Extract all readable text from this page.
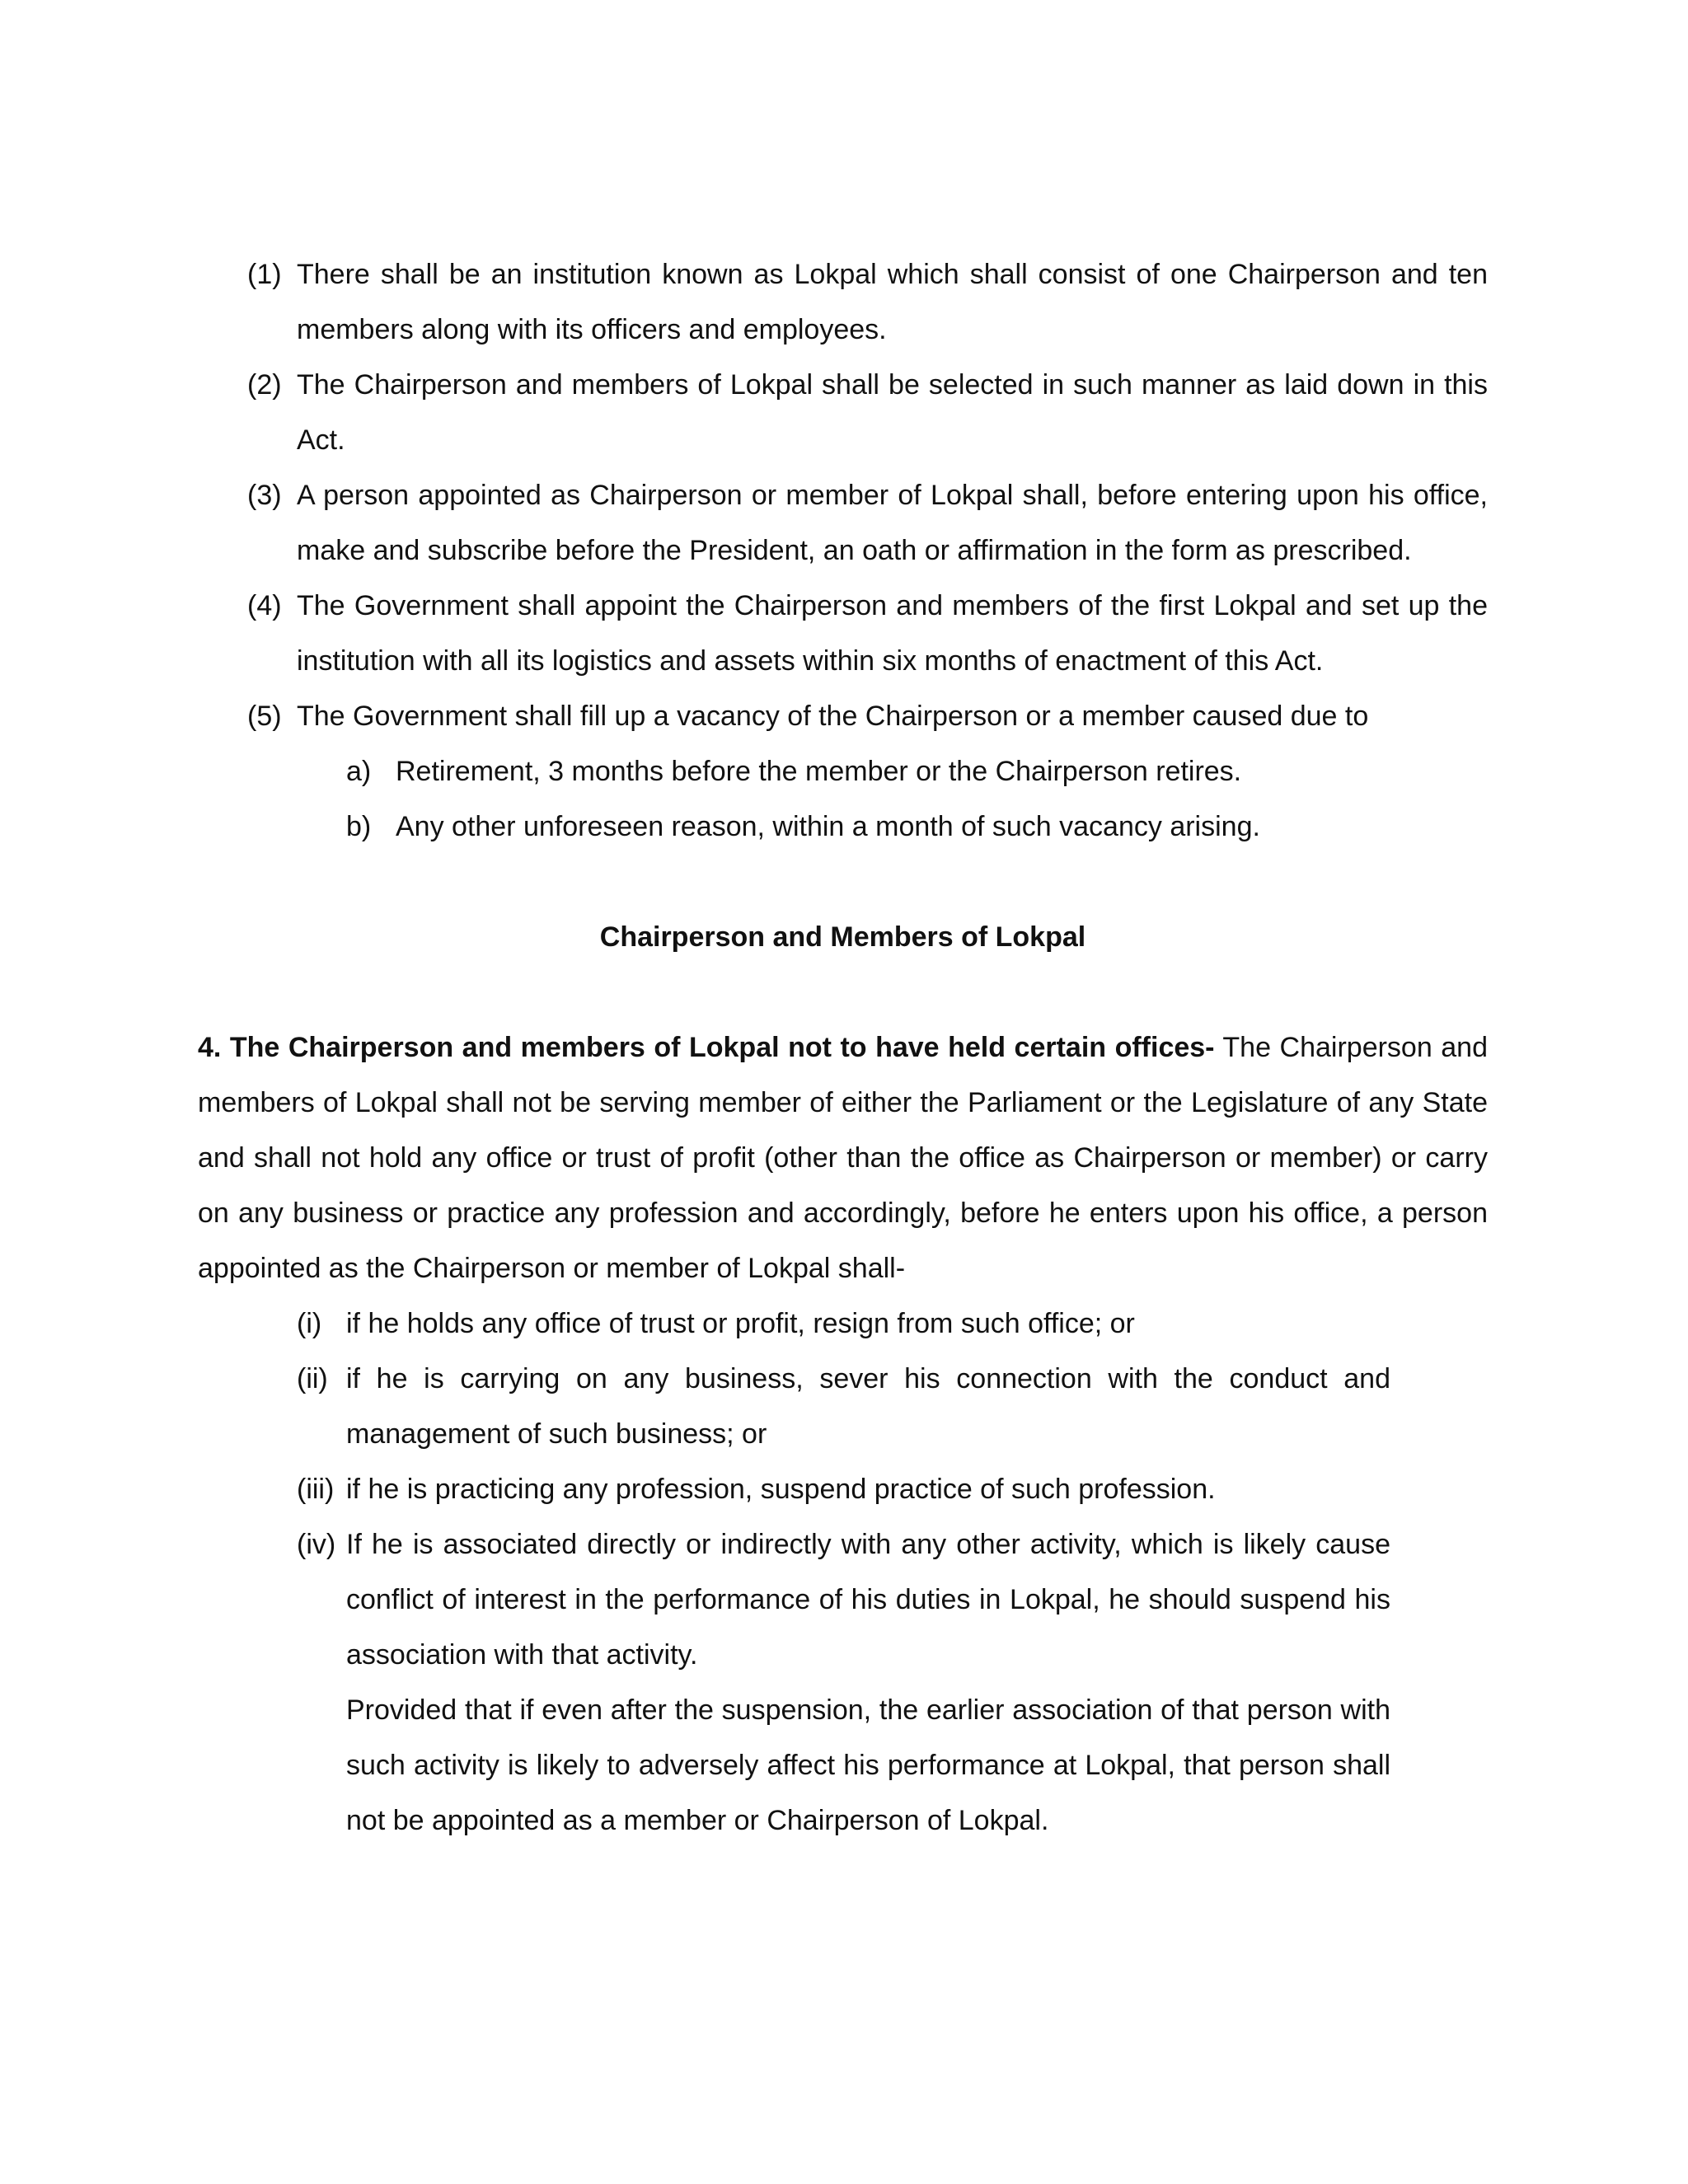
(1) There shall be an institution known as Lokpal which shall consist of one Chairperson and ten members along with its officers and employees.
(2) The Chairperson and members of Lokpal shall be selected in such manner as laid down in this Act.
(3) A person appointed as Chairperson or member of Lokpal shall, before entering upon his office, make and subscribe before the President, an oath or affirmation in the form as prescribed.
(4) The Government shall appoint the Chairperson and members of the first Lokpal and set up the institution with all its logistics and assets within six months of enactment of this Act.
(5) The Government shall fill up a vacancy of the Chairperson or a member caused due to
a) Retirement, 3 months before the member or the Chairperson retires.
b) Any other unforeseen reason, within a month of such vacancy arising.
Chairperson and Members of Lokpal
4. The Chairperson and members of Lokpal not to have held certain offices- The Chairperson and members of Lokpal shall not be serving member of either the Parliament or the Legislature of any State and shall not hold any office or trust of profit (other than the office as Chairperson or member) or carry on any business or practice any profession and accordingly, before he enters upon his office, a person appointed as the Chairperson or member of Lokpal shall-
(i) if he holds any office of trust or profit, resign from such office; or
(ii) if he is carrying on any business, sever his connection with the conduct and management of such business; or
(iii) if he is practicing any profession, suspend practice of such profession.
(iv) If he is associated directly or indirectly with any other activity, which is likely cause conflict of interest in the performance of his duties in Lokpal, he should suspend his association with that activity.
Provided that if even after the suspension, the earlier association of that person with such activity is likely to adversely affect his performance at Lokpal, that person shall not be appointed as a member or Chairperson of Lokpal.
